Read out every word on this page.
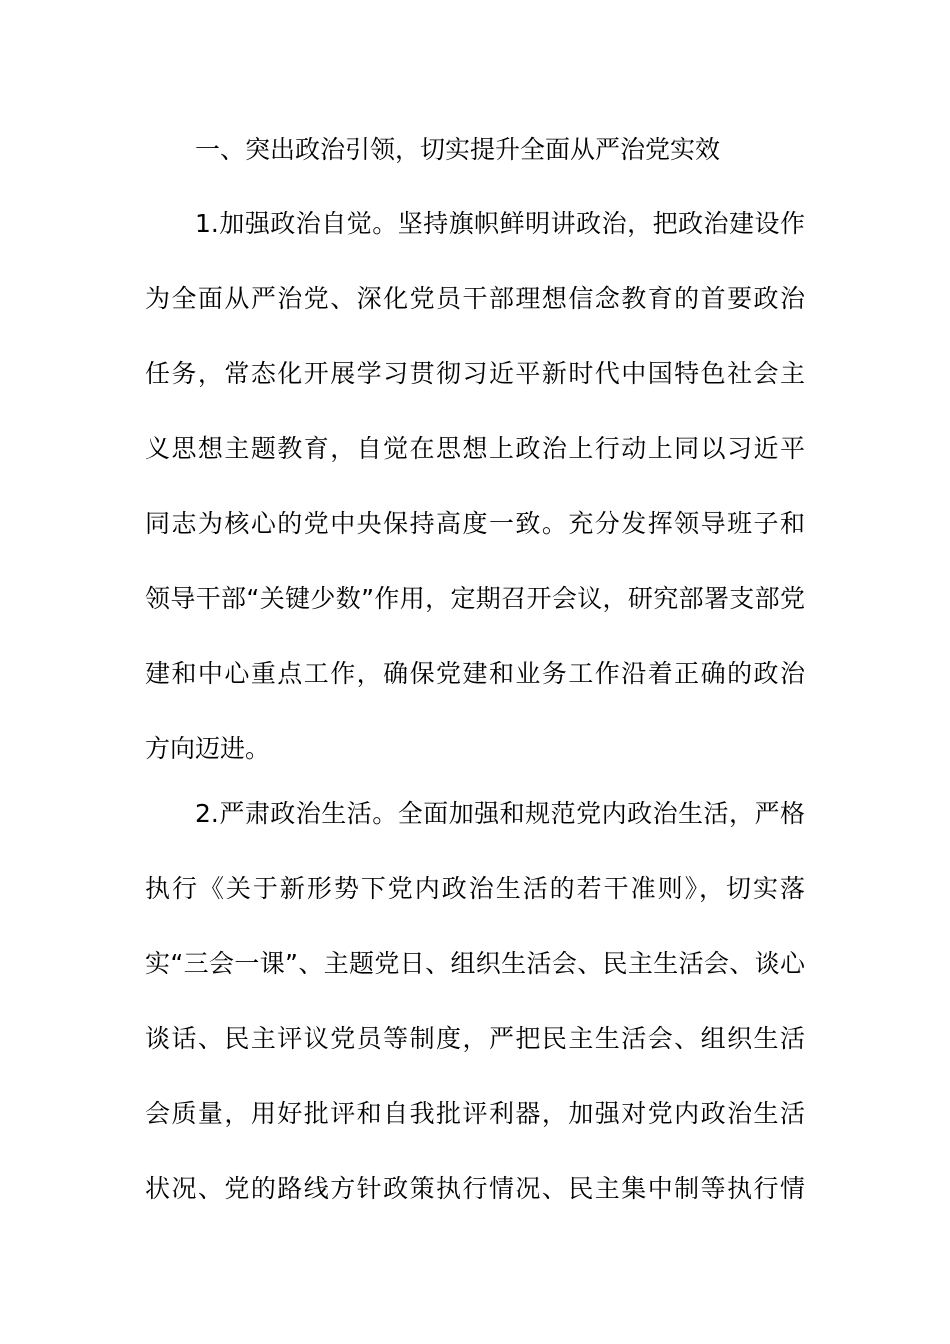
一、突出政治引领，切实提升全面从严治党实效
1.加强政治自觉。坚持旗帜鲜明讲政治，把政治建设作
为全面从严治党、深化党员干部理想信念教育的首要政治
任务，常态化开展学习贯彻习近平新时代中国特色社会主
义思想主题教育，自觉在思想上政治上行动上同以习近平
同志为核心的党中央保持高度一致。充分发挥领导班子和
领导干部“关键少数”作用，定期召开会议，研究部署支部党
建和中心重点工作，确保党建和业务工作沿着正确的政治
方向迈进。
2.严肃政治生活。全面加强和规范党内政治生活，严格
执行《关于新形势下党内政治生活的若干准则》，切实落
实“三会一课”、主题党日、组织生活会、民主生活会、谈心
谈话、民主评议党员等制度，严把民主生活会、组织生活
会质量，用好批评和自我批评利器，加强对党内政治生活
状况、党的路线方针政策执行情况、民主集中制等执行情
